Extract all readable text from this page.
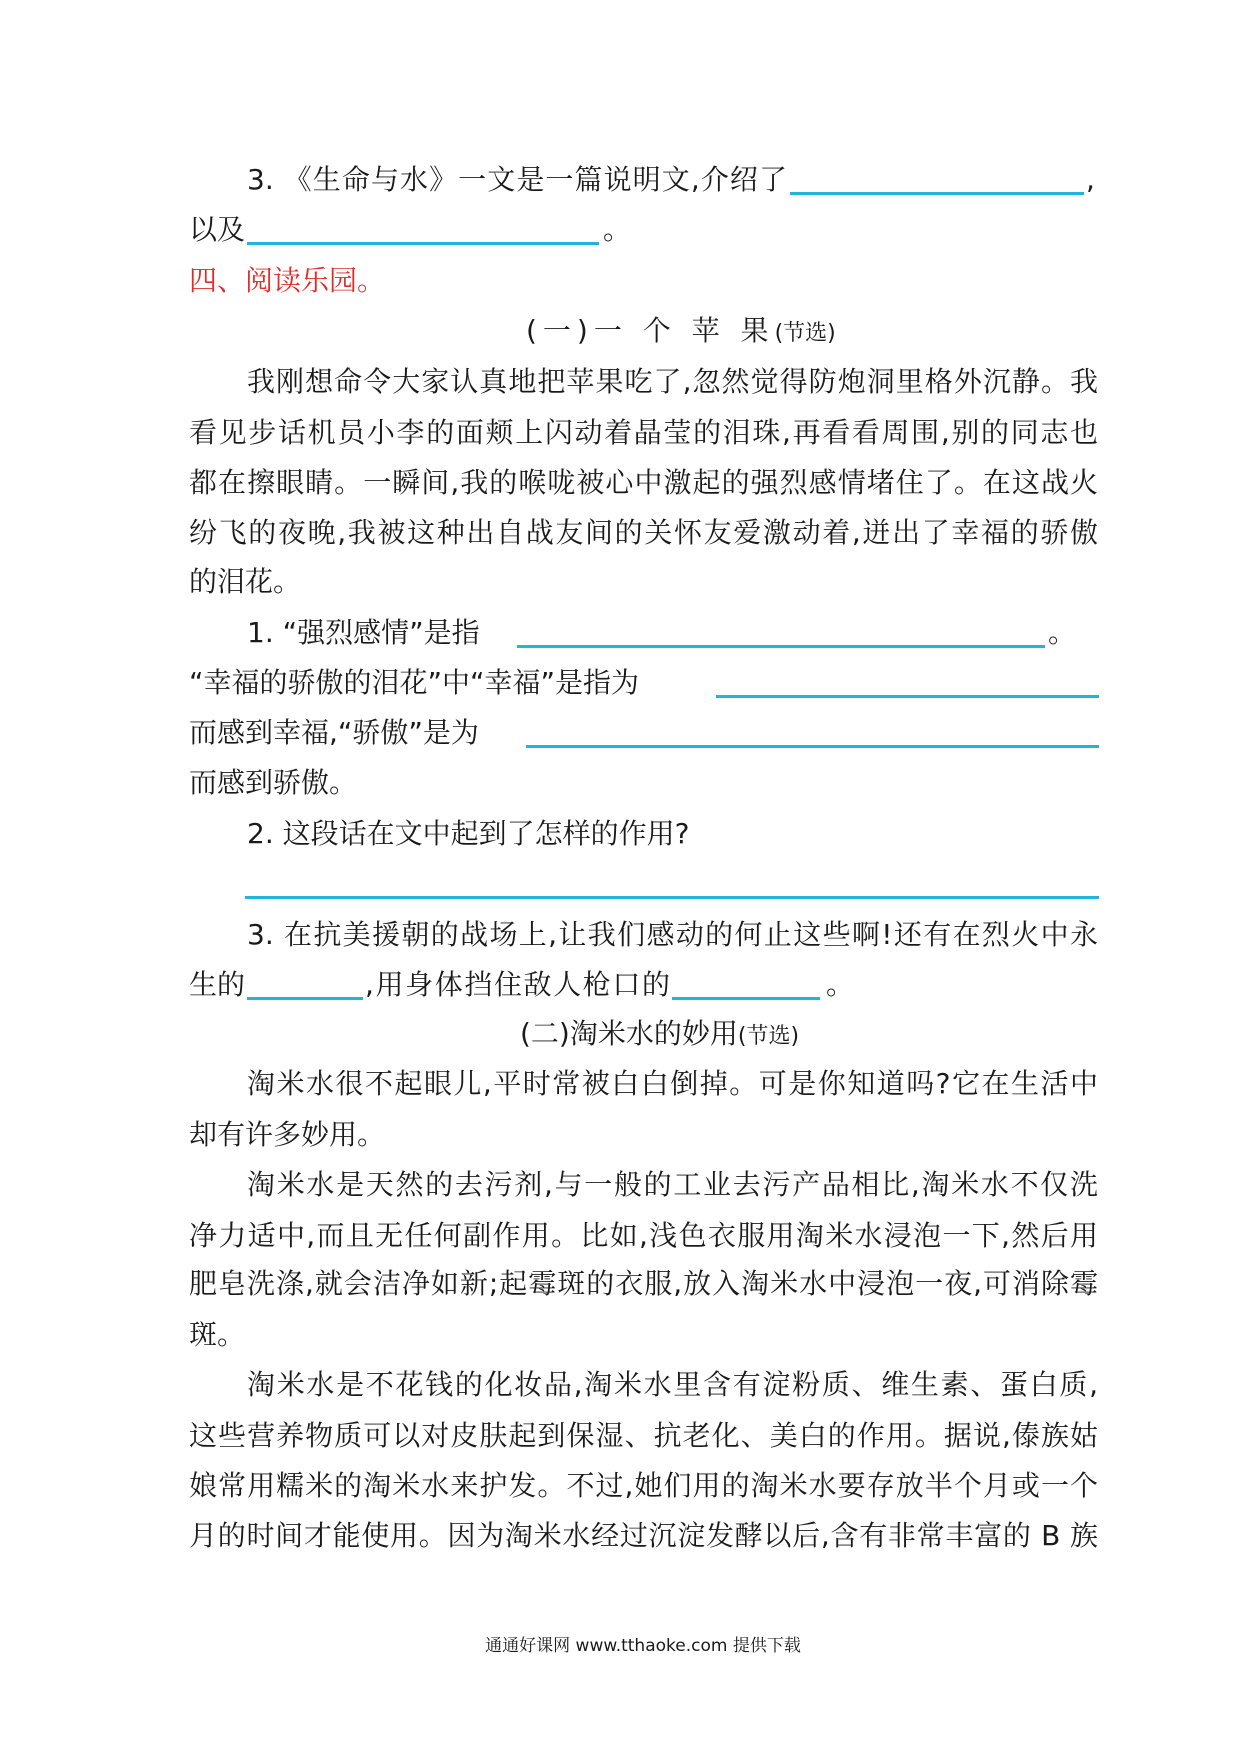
3. 《生命与水》一文是一篇说明文,介绍了	,
以及	。
四、阅读乐园。
(一)一 个 苹 果(节选)
我刚想命令大家认真地把苹果吃了,忽然觉得防炮洞里格外沉静。我
看见步话机员小李的面颊上闪动着晶莹的泪珠,再看看周围,别的同志也
都在擦眼睛。一瞬间,我的喉咙被心中激起的强烈感情堵住了。在这战火
纷飞的夜晚,我被这种出自战友间的关怀友爱激动着,迸出了幸福的骄傲
的泪花。
1. “强烈感情”是指	。
“幸福的骄傲的泪花”中“幸福”是指为
而感到幸福,“骄傲”是为
而感到骄傲。
2. 这段话在文中起到了怎样的作用?
3. 在抗美援朝的战场上,让我们感动的何止这些啊!还有在烈火中永
生的	,用身体挡住敌人枪口的	。
(二)淘米水的妙用(节选)
淘米水很不起眼儿,平时常被白白倒掉。可是你知道吗?它在生活中
却有许多妙用。
淘米水是天然的去污剂,与一般的工业去污产品相比,淘米水不仅洗
净力适中,而且无任何副作用。比如,浅色衣服用淘米水浸泡一下,然后用
肥皂洗涤,就会洁净如新;起霉斑的衣服,放入淘米水中浸泡一夜,可消除霉
斑。
淘米水是不花钱的化妆品,淘米水里含有淀粉质、维生素、蛋白质,
这些营养物质可以对皮肤起到保湿、抗老化、美白的作用。据说,傣族姑
娘常用糯米的淘米水来护发。不过,她们用的淘米水要存放半个月或一个
月的时间才能使用。因为淘米水经过沉淀发酵以后,含有非常丰富的 B 族
通通好课网 www.tthaoke.com 提供下载
